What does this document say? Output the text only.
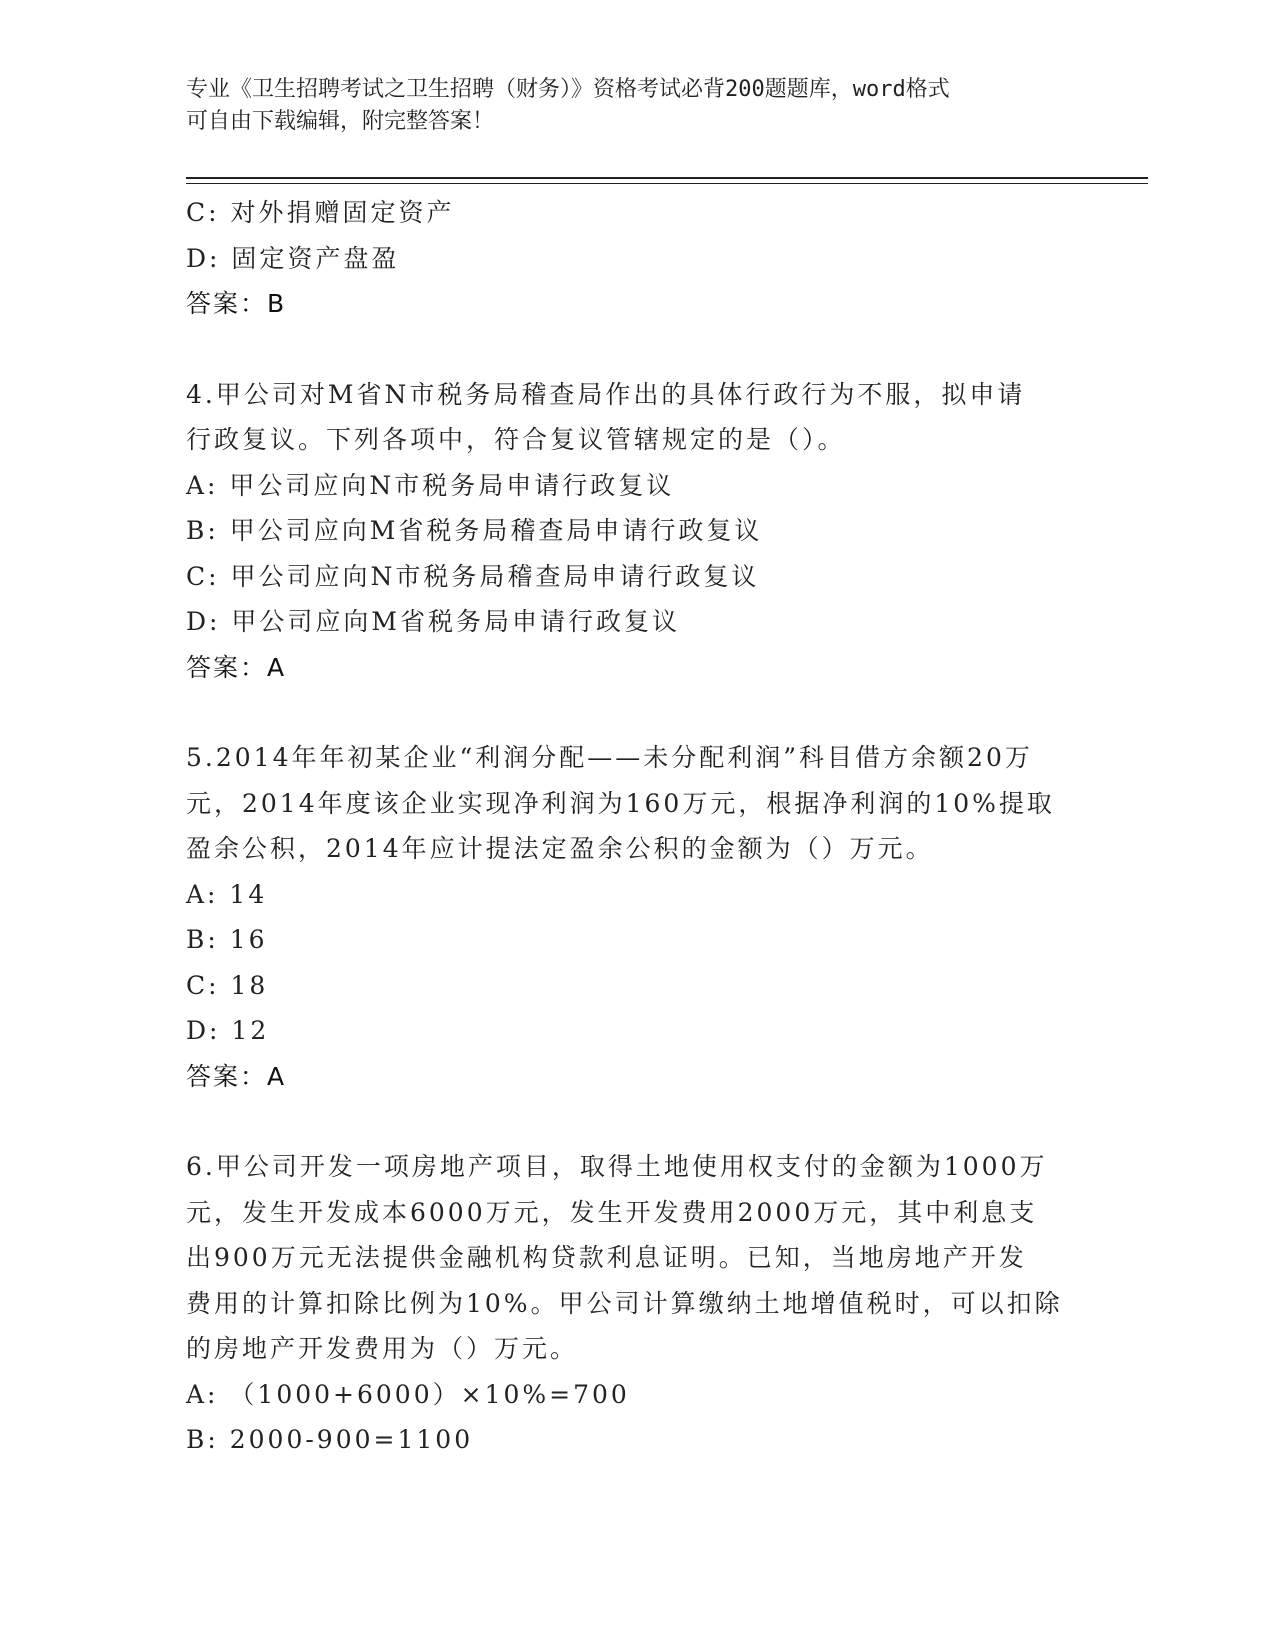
专业《卫生招聘考试之卫生招聘（财务）》资格考试必背200题题库，word格式
可自由下载编辑，附完整答案！
C: 对外捐赠固定资产
D: 固定资产盘盈
答案：B
4.甲公司对M省N市税务局稽查局作出的具体行政行为不服，拟申请
行政复议。下列各项中，符合复议管辖规定的是（）。
A: 甲公司应向N市税务局申请行政复议
B: 甲公司应向M省税务局稽查局申请行政复议
C: 甲公司应向N市税务局稽查局申请行政复议
D: 甲公司应向M省税务局申请行政复议
答案：A
5.2014年年初某企业“利润分配——未分配利润”科目借方余额20万
元，2014年度该企业实现净利润为160万元，根据净利润的10%提取
盈余公积，2014年应计提法定盈余公积的金额为（）万元。
A: 14
B: 16
C: 18
D: 12
答案：A
6.甲公司开发一项房地产项目，取得土地使用权支付的金额为1000万
元，发生开发成本6000万元，发生开发费用2000万元，其中利息支
出900万元无法提供金融机构贷款利息证明。已知，当地房地产开发
费用的计算扣除比例为10%。甲公司计算缴纳土地增值税时，可以扣除
的房地产开发费用为（）万元。
A: （1000+6000）×10%=700
B: 2000-900=1100
